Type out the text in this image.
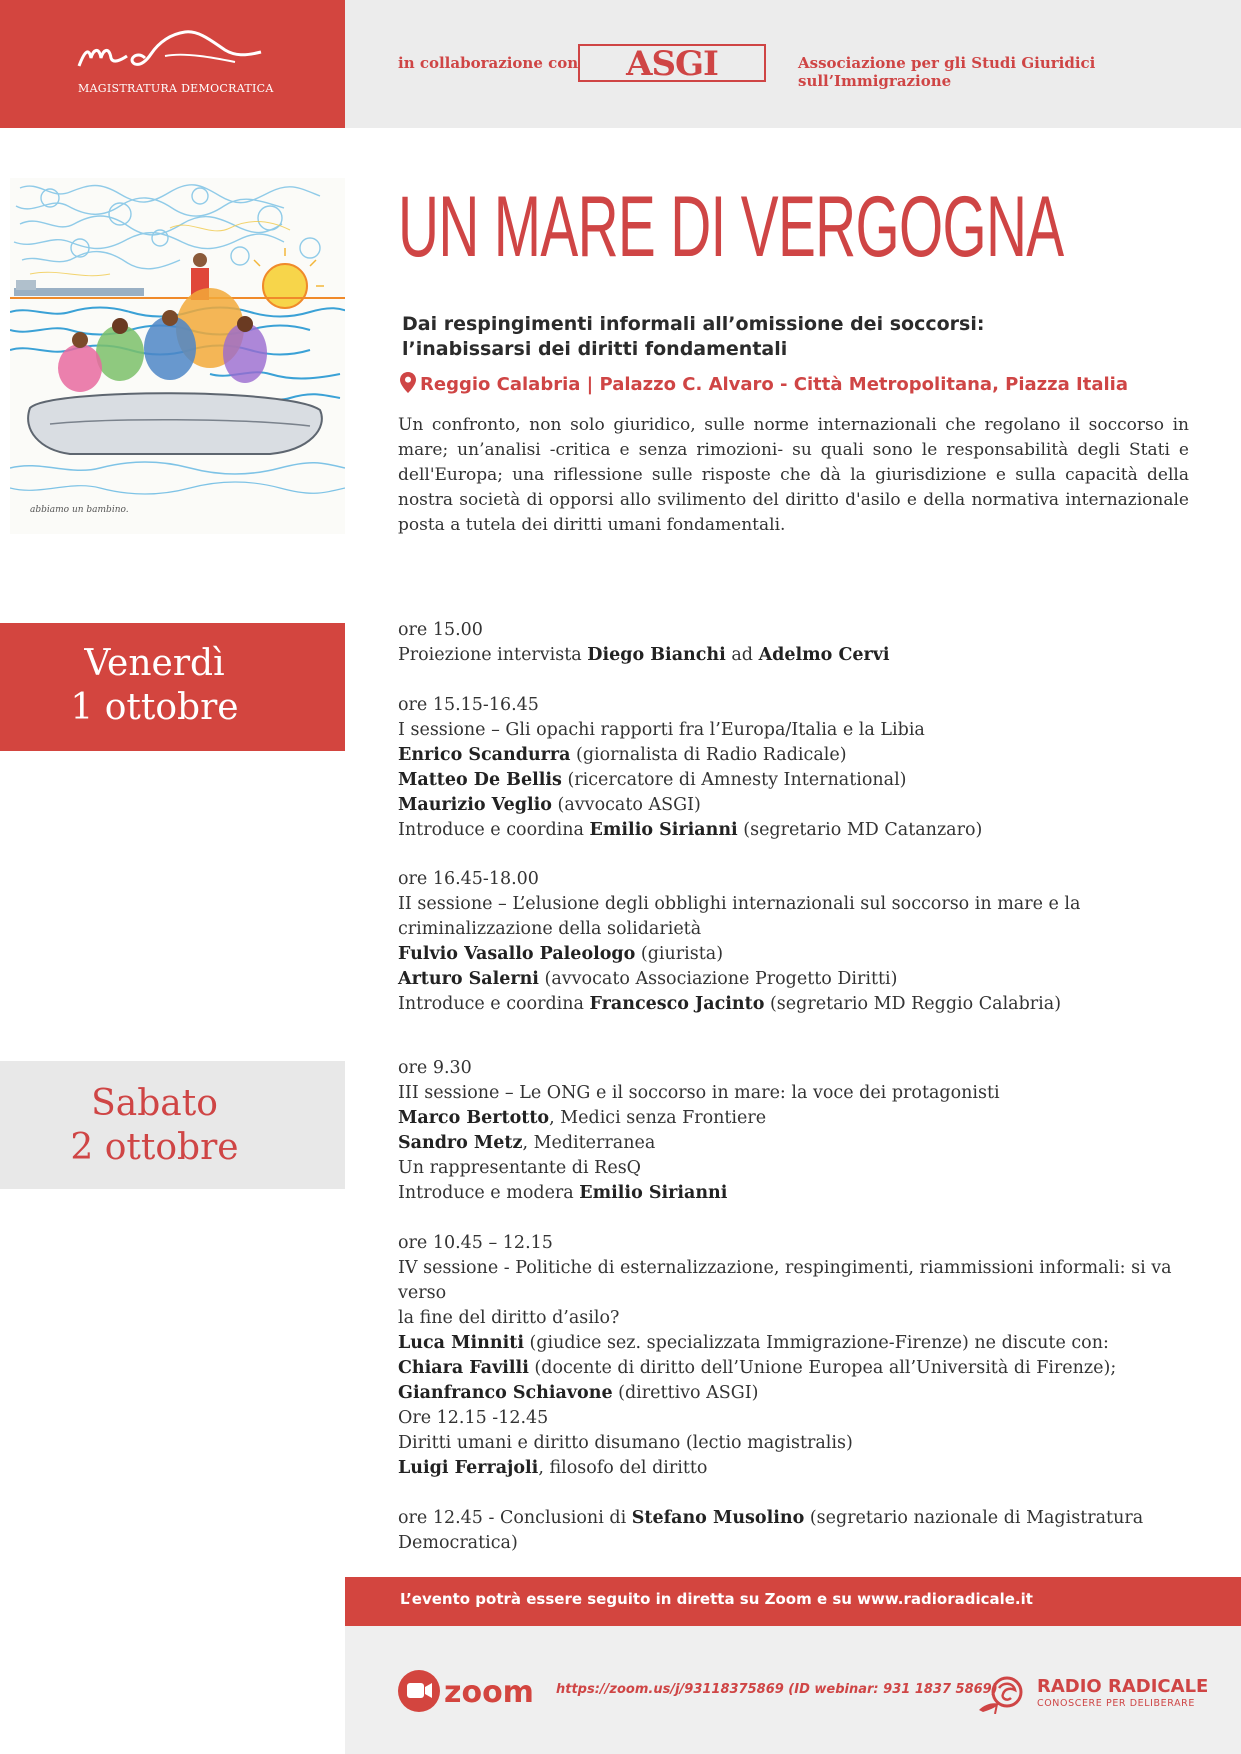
MAGISTRATURA DEMOCRATICA
in collaborazione con	ASGI	Associazione per gli Studi Giuridici sull’Immigrazione
abbiamo un bambino.
UN MARE DI VERGOGNA
Dai respingimenti informali all’omissione dei soccorsi:
l’inabissarsi dei diritti fondamentali
Reggio Calabria | Palazzo C. Alvaro - Città Metropolitana, Piazza Italia
Un confronto, non solo giuridico, sulle norme internazionali che regolano il soccorso in mare; un’analisi -critica e senza rimozioni- su quali sono le responsabilità degli Stati e dell'Europa; una riflessione sulle risposte che dà la giurisdizione e sulla capacità della nostra società di opporsi allo svilimento del diritto d'asilo e della normativa internazionale posta a tutela dei diritti umani fondamentali.
Venerdì
1 ottobre
Sabato
2 ottobre

ore 15.00

Proiezione intervista Diego Bianchi ad Adelmo Cervi

ore 15.15-16.45

I sessione – Gli opachi rapporti fra l’Europa/Italia e la Libia

Enrico Scandurra (giornalista di Radio Radicale)

Matteo De Bellis (ricercatore di Amnesty International)

Maurizio Veglio (avvocato ASGI)

Introduce e coordina Emilio Sirianni (segretario MD Catanzaro)

ore 16.45-18.00

II sessione – L’elusione degli obblighi internazionali sul soccorso in mare e la

criminalizzazione della solidarietà

Fulvio Vasallo Paleologo (giurista)

Arturo Salerni (avvocato Associazione Progetto Diritti)

Introduce e coordina Francesco Jacinto (segretario MD Reggio Calabria)

ore 9.30

III sessione – Le ONG e il soccorso in mare: la voce dei protagonisti

Marco Bertotto, Medici senza Frontiere

Sandro Metz, Mediterranea

Un rappresentante di ResQ

Introduce e modera Emilio Sirianni

ore 10.45 – 12.15

IV sessione - Politiche di esternalizzazione, respingimenti, riammissioni informali: si va verso

la fine del diritto d’asilo?

Luca Minniti (giudice sez. specializzata Immigrazione-Firenze) ne discute con:

Chiara Favilli (docente di diritto dell’Unione Europea all’Università di Firenze);

Gianfranco Schiavone (direttivo ASGI)

Ore 12.15 -12.45

Diritti umani e diritto disumano (lectio magistralis)

Luigi Ferrajoli, filosofo del diritto

ore 12.45 - Conclusioni di Stefano Musolino (segretario nazionale di Magistratura Democratica)

L’evento potrà essere seguito in diretta su Zoom e su www.radioradicale.it
zoom https://zoom.us/j/93118375869 (ID webinar: 931 1837 5869) RADIO RADICALE
CONOSCERE PER DELIBERARE
